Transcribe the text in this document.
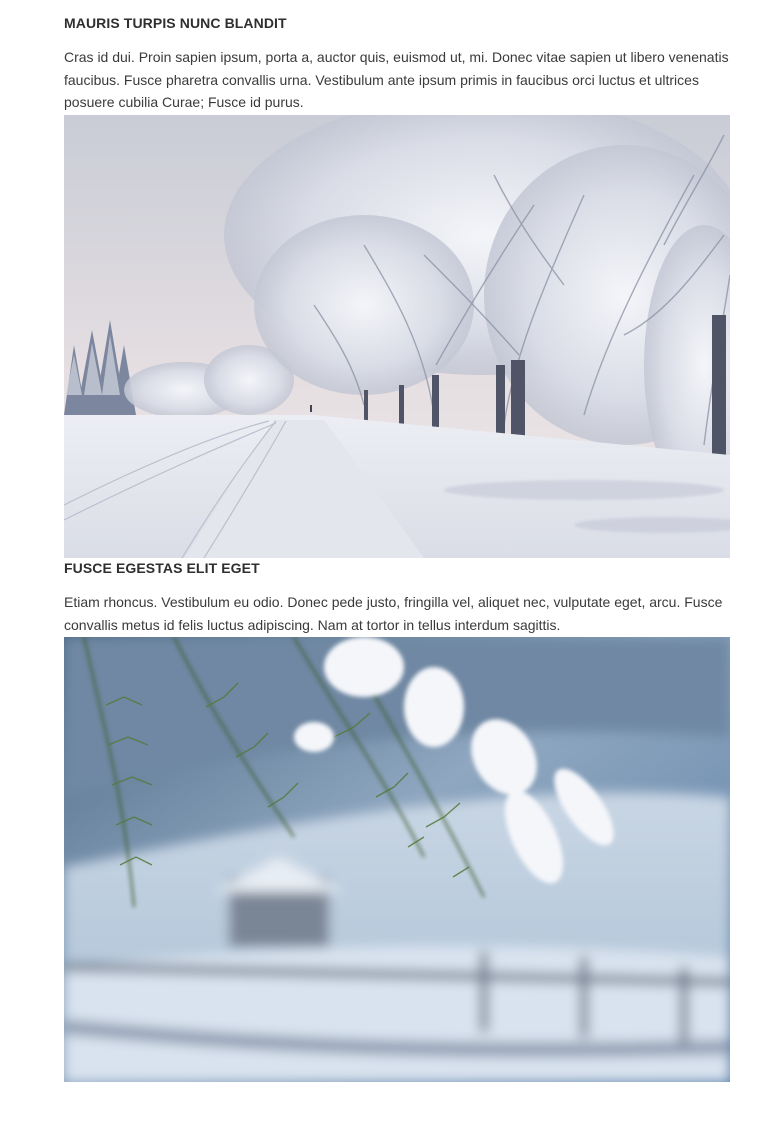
MAURIS TURPIS NUNC BLANDIT

Cras id dui. Proin sapien ipsum, porta a, auctor quis, euismod ut, mi. Donec vitae sapien ut libero venenatis faucibus. Fusce pharetra convallis urna. Vestibulum ante ipsum primis in faucibus orci luctus et ultrices posuere cubilia Curae; Fusce id purus.

FUSCE EGESTAS ELIT EGET

Etiam rhoncus. Vestibulum eu odio. Donec pede justo, fringilla vel, aliquet nec, vulputate eget, arcu. Fusce convallis metus id felis luctus adipiscing. Nam at tortor in tellus interdum sagittis.
